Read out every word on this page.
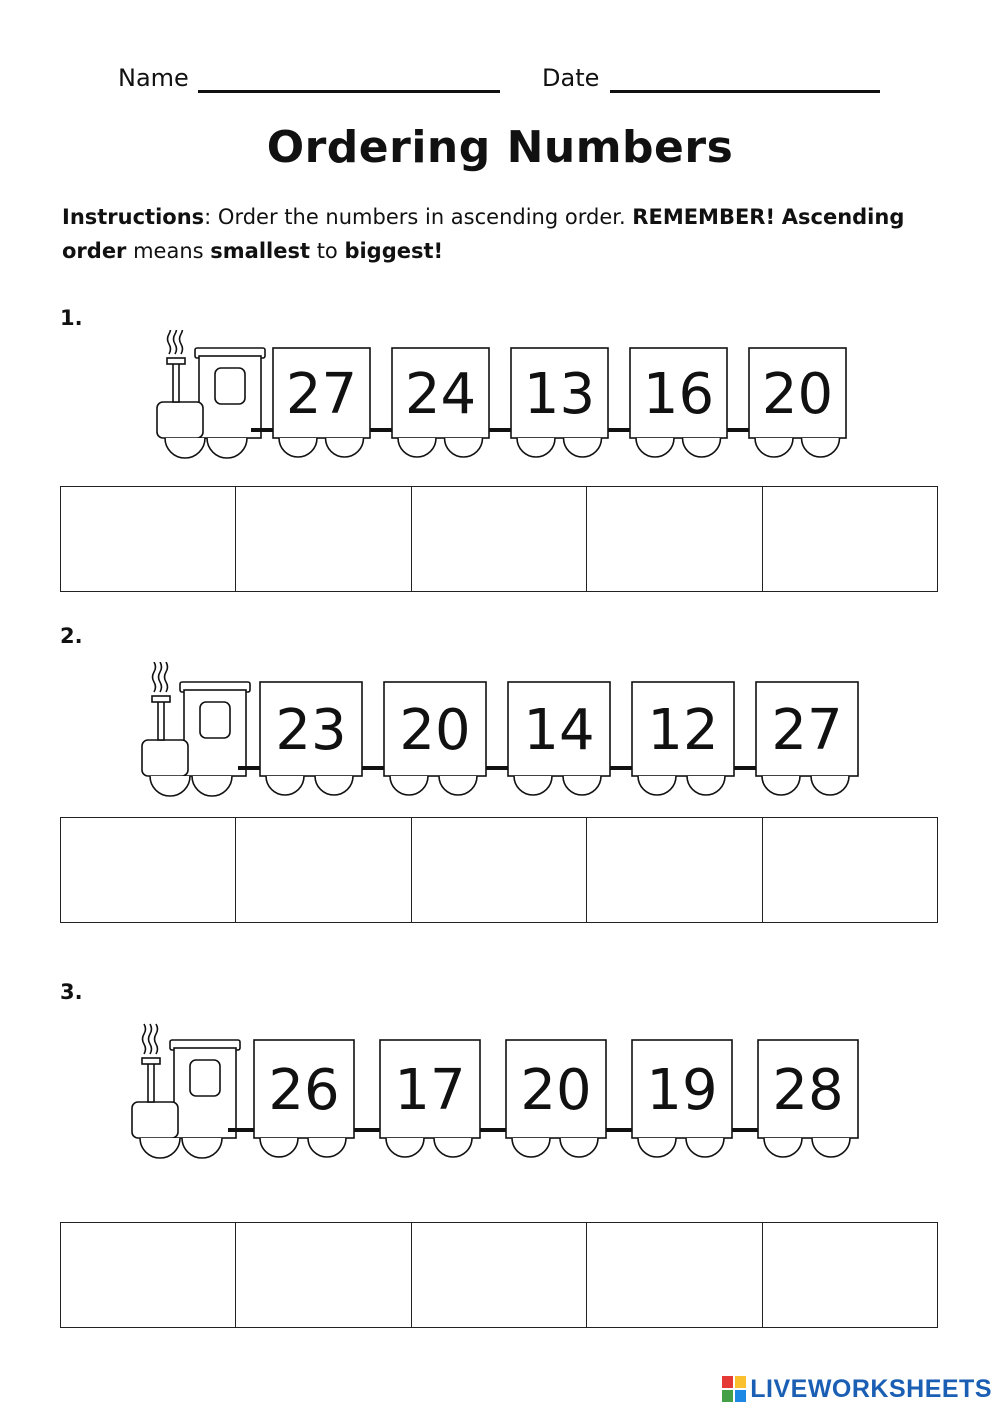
Name	Date
Ordering Numbers
Instructions: Order the numbers in ascending order. REMEMBER! Ascending order means smallest to biggest!
1.
27 24 13 16 20
2.
23 20 14 12 27
3.
26 17 20 19 28
LIVEWORKSHEETS
